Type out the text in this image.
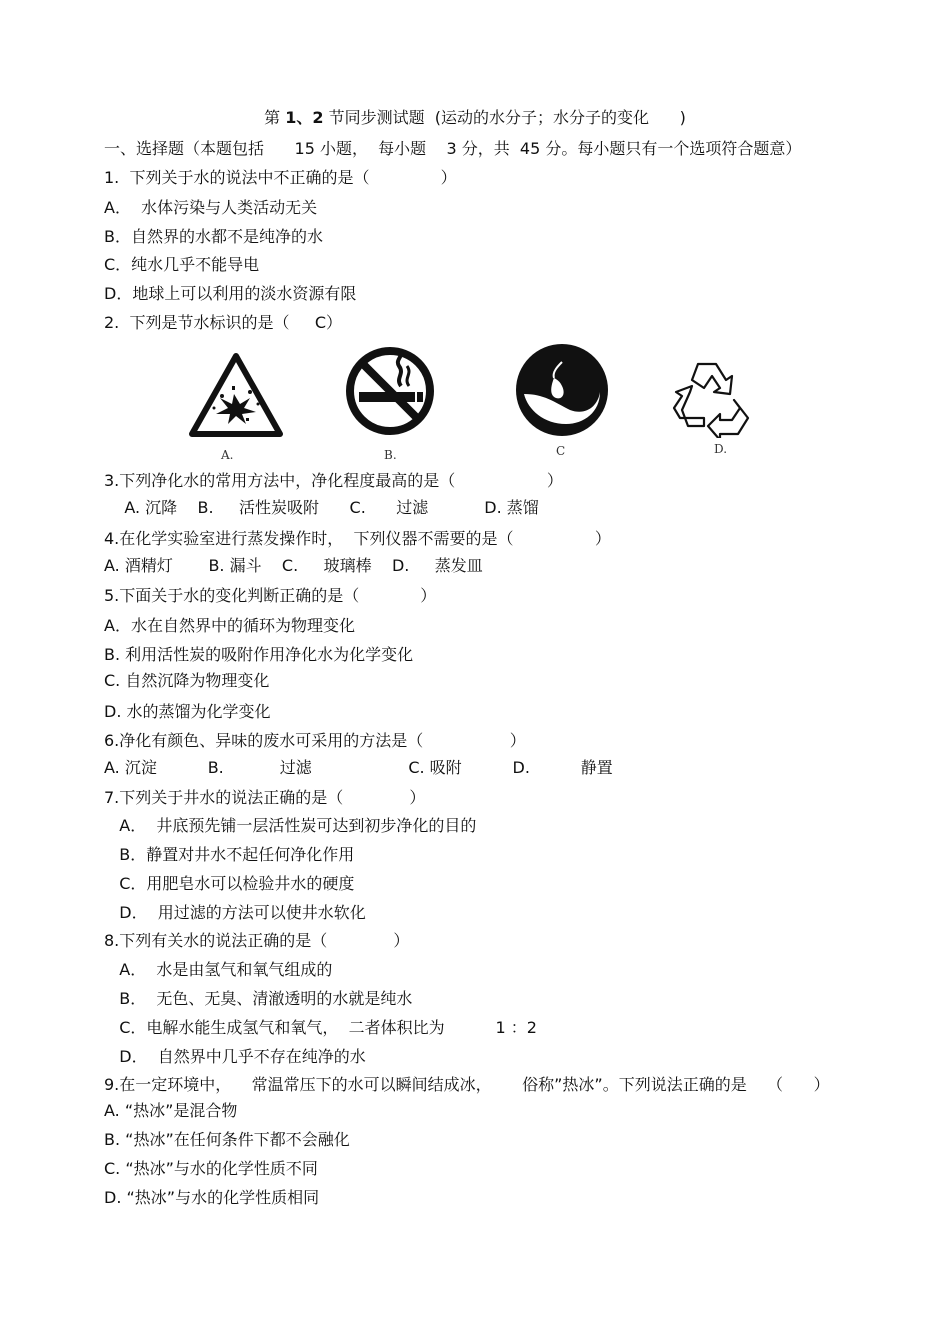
第 1、2 节同步测试题  (运动的水分子；水分子的变化      )
一、选择题（本题包括      15 小题，  每小题    3 分，共  45 分。每小题只有一个选项符合题意）
1.  下列关于水的说法中不正确的是（              ）
A．  水体污染与人类活动无关
B．自然界的水都不是纯净的水
C．纯水几乎不能导电
D．地球上可以利用的淡水资源有限
2.  下列是节水标识的是（     C）
A.	B.	C	D.
3.下列净化水的常用方法中，净化程度最高的是（                  ）
A. 沉降    B.     活性炭吸附      C.      过滤           D. 蒸馏
4.在化学实验室进行蒸发操作时，  下列仪器不需要的是（                ）
A. 酒精灯       B. 漏斗    C.     玻璃棒    D.     蒸发皿
5.下面关于水的变化判断正确的是（            ）
A．水在自然界中的循环为物理变化
B. 利用活性炭的吸附作用净化水为化学变化
C. 自然沉降为物理变化
D. 水的蒸馏为化学变化
6.净化有颜色、异味的废水可采用的方法是（                 ）
A. 沉淀          B.           过滤                   C. 吸附          D.          静置
7.下列关于井水的说法正确的是（             ）
A．  井底预先铺一层活性炭可达到初步净化的目的
B．静置对井水不起任何净化作用
C．用肥皂水可以检验井水的硬度
D．  用过滤的方法可以使井水软化
8.下列有关水的说法正确的是（             ）
A．  水是由氢气和氧气组成的
B．  无色、无臭、清澈透明的水就是纯水
C．电解水能生成氢气和氧气，  二者体积比为          1 ：2
D．  自然界中几乎不存在纯净的水
9.在一定环境中，    常温常压下的水可以瞬间结成冰，      俗称”热冰”。下列说法正确的是    （      ）
A. “热冰”是混合物
B. “热冰”在任何条件下都不会融化
C. “热冰”与水的化学性质不同
D. “热冰”与水的化学性质相同
